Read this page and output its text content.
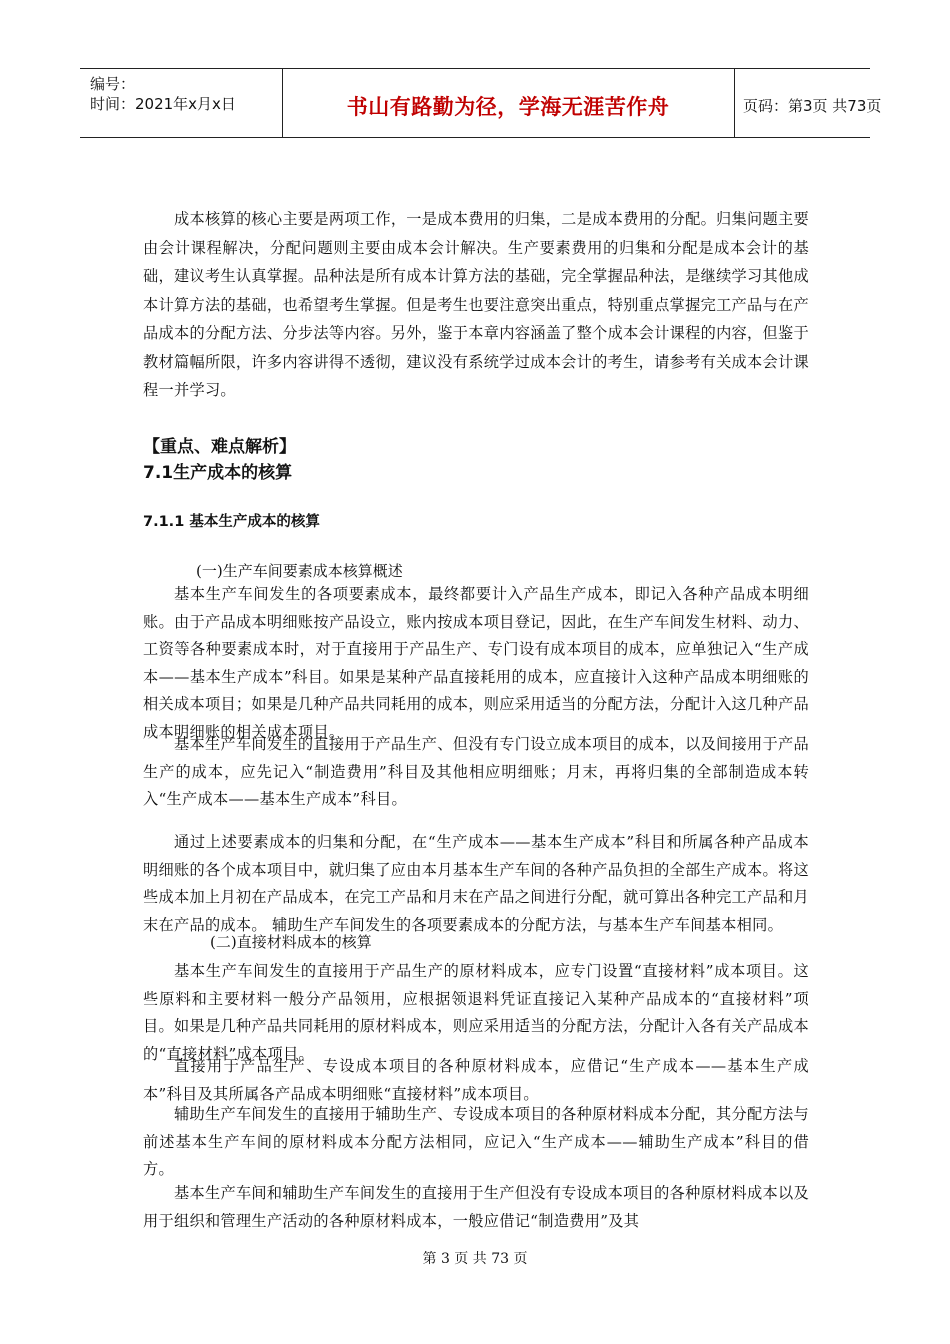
编号：
时间：2021年x月x日	书山有路勤为径，学海无涯苦作舟	页码：第3页 共73页

成本核算的核心主要是两项工作，一是成本费用的归集，二是成本费用的分配。归集问题主要由会计课程解决，分配问题则主要由成本会计解决。生产要素费用的归集和分配是成本会计的基础，建议考生认真掌握。品种法是所有成本计算方法的基础，完全掌握品种法，是继续学习其他成本计算方法的基础，也希望考生掌握。但是考生也要注意突出重点，特别重点掌握完工产品与在产品成本的分配方法、分步法等内容。另外，鉴于本章内容涵盖了整个成本会计课程的内容，但鉴于教材篇幅所限，许多内容讲得不透彻，建议没有系统学过成本会计的考生，请参考有关成本会计课程一并学习。

【重点、难点解析】
7.1生产成本的核算
7.1.1 基本生产成本的核算
(一)生产车间要素成本核算概述

基本生产车间发生的各项要素成本，最终都要计入产品生产成本，即记入各种产品成本明细账。由于产品成本明细账按产品设立，账内按成本项目登记，因此，在生产车间发生材料、动力、工资等各种要素成本时，对于直接用于产品生产、专门设有成本项目的成本，应单独记入“生产成本——基本生产成本”科目。如果是某种产品直接耗用的成本，应直接计入这种产品成本明细账的相关成本项目；如果是几种产品共同耗用的成本，则应采用适当的分配方法，分配计入这几种产品成本明细账的相关成本项目。

基本生产车间发生的直接用于产品生产、但没有专门设立成本项目的成本，以及间接用于产品生产的成本，应先记入“制造费用”科目及其他相应明细账；月末，再将归集的全部制造成本转入“生产成本——基本生产成本”科目。

通过上述要素成本的归集和分配，在“生产成本——基本生产成本”科目和所属各种产品成本明细账的各个成本项目中，就归集了应由本月基本生产车间的各种产品负担的全部生产成本。将这些成本加上月初在产品成本，在完工产品和月末在产品之间进行分配，就可算出各种完工产品和月末在产品的成本。 辅助生产车间发生的各项要素成本的分配方法，与基本生产车间基本相同。

(二)直接材料成本的核算

基本生产车间发生的直接用于产品生产的原材料成本，应专门设置“直接材料”成本项目。这些原料和主要材料一般分产品领用，应根据领退料凭证直接记入某种产品成本的“直接材料”项目。如果是几种产品共同耗用的原材料成本，则应采用适当的分配方法，分配计入各有关产品成本的“直接材料”成本项目。

直接用于产品生产、专设成本项目的各种原材料成本，应借记“生产成本——基本生产成本”科目及其所属各产品成本明细账“直接材料”成本项目。

辅助生产车间发生的直接用于辅助生产、专设成本项目的各种原材料成本分配，其分配方法与前述基本生产车间的原材料成本分配方法相同，应记入“生产成本——辅助生产成本”科目的借方。

基本生产车间和辅助生产车间发生的直接用于生产但没有专设成本项目的各种原材料成本以及用于组织和管理生产活动的各种原材料成本，一般应借记“制造费用”及其

第 3 页 共 73 页
